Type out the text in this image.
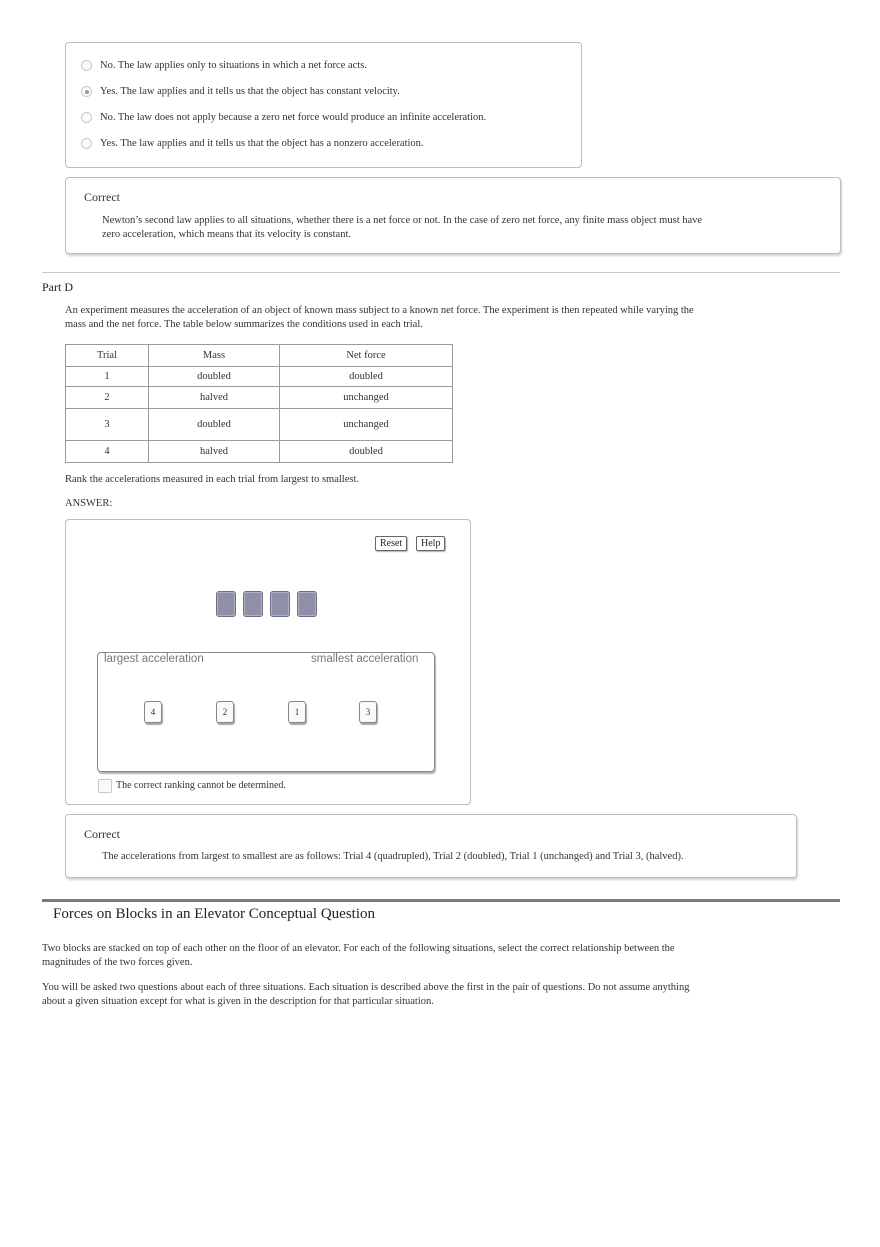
No. The law applies only to situations in which a net force acts.
Yes. The law applies and it tells us that the object has constant velocity.
No. The law does not apply because a zero net force would produce an infinite acceleration.
Yes. The law applies and it tells us that the object has a nonzero acceleration.
Correct
Newton’s second law applies to all situations, whether there is a net force or not. In the case of zero net force, any finite mass object must have
zero acceleration, which means that its velocity is constant.
Part D

An experiment measures the acceleration of an object of known mass subject to a known net force. The experiment is then repeated while varying the
mass and the net force. The table below summarizes the conditions used in each trial.

Trial	Mass	Net force
1	doubled	doubled
2	halved	unchanged
3	doubled	unchanged
4	halved	doubled

Rank the accelerations measured in each trial from largest to smallest.

ANSWER:

Reset	Help
largest acceleration	smallest acceleration
4	2	1	3
The correct ranking cannot be determined.
Correct
The accelerations from largest to smallest are as follows: Trial 4 (quadrupled), Trial 2 (doubled), Trial 1 (unchanged) and Trial 3, (halved).
Forces on Blocks in an Elevator Conceptual Question

Two blocks are stacked on top of each other on the floor of an elevator. For each of the following situations, select the correct relationship between the
magnitudes of the two forces given.

You will be asked two questions about each of three situations. Each situation is described above the first in the pair of questions. Do not assume anything
about a given situation except for what is given in the description for that particular situation.
